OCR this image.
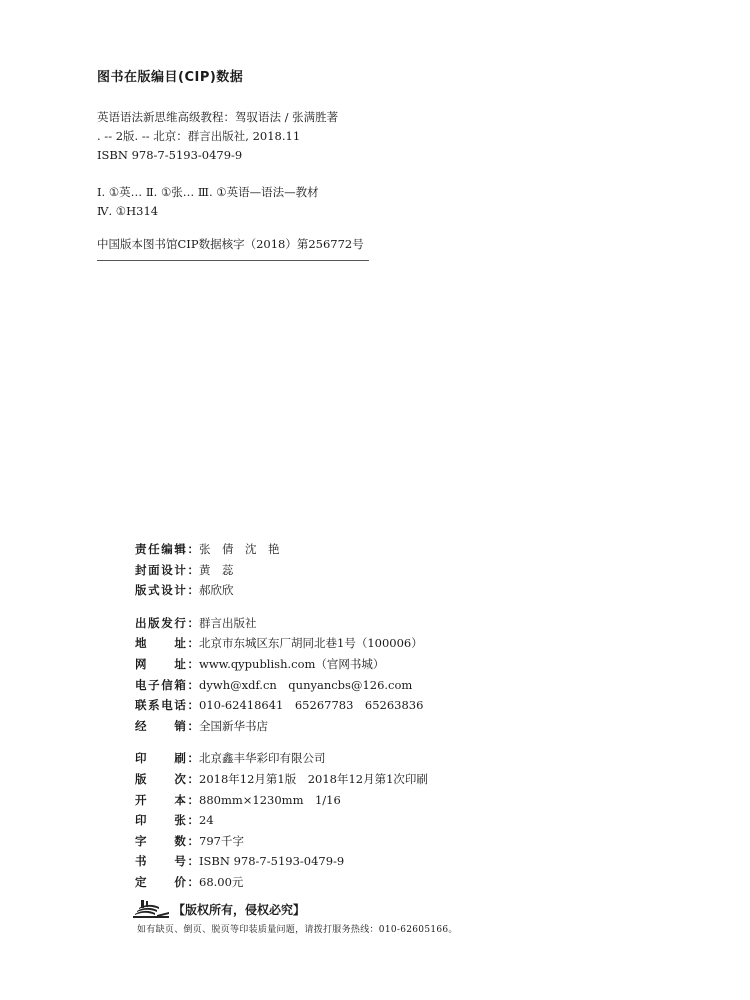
图书在版编目(CIP)数据
英语语法新思维高级教程：驾驭语法 / 张满胜著
. -- 2版. -- 北京：群言出版社, 2018.11
ISBN 978-7-5193-0479-9
Ⅰ. ①英… Ⅱ. ①张… Ⅲ. ①英语—语法—教材
Ⅳ. ①H314
中国版本图书馆CIP数据核字（2018）第256772号
责任编辑： 张　倩　沈　艳
封面设计： 黄　蕊
版式设计： 郝欣欣
出版发行： 群言出版社
地　　址： 北京市东城区东厂胡同北巷1号（100006）
网　　址： www.qypublish.com（官网书城）
电子信箱： dywh@xdf.cn　qunyancbs@126.com
联系电话： 010-62418641　65267783　65263836
经　　销： 全国新华书店
印　　刷： 北京鑫丰华彩印有限公司
版　　次： 2018年12月第1版　2018年12月第1次印刷
开　　本： 880mm×1230mm　1/16
印　　张： 24
字　　数： 797千字
书　　号： ISBN 978-7-5193-0479-9
定　　价： 68.00元
【版权所有，侵权必究】
如有缺页、倒页、脱页等印装质量问题，请拨打服务热线：010-62605166。
